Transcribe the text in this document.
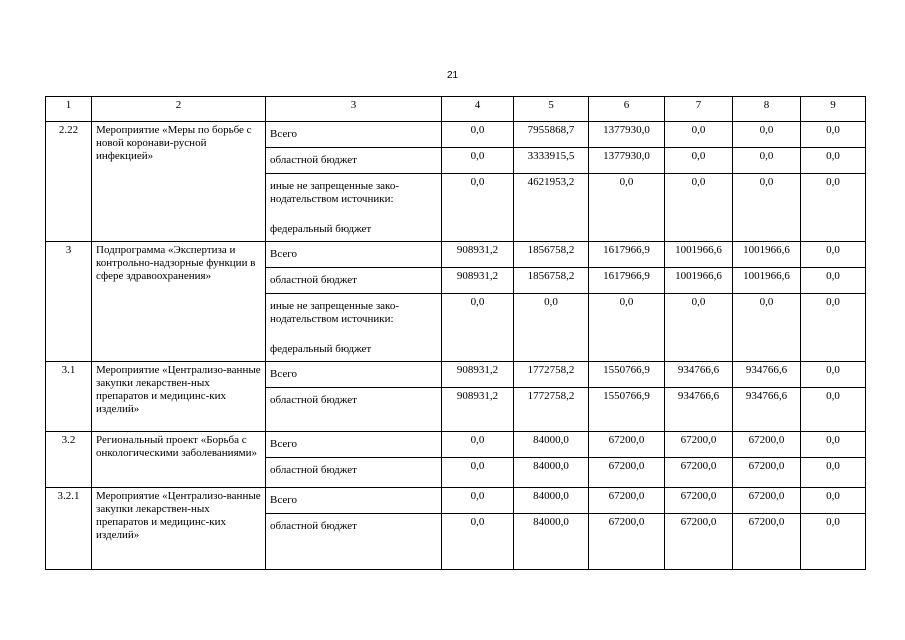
21
1	2	3	4	5	6	7	8	9
2.22	Мероприятие «Меры по борьбе с новой коронави-русной инфекцией»	Всего	0,0	7955868,7	1377930,0	0,0	0,0	0,0
		областной бюджет	0,0	3333915,5	1377930,0	0,0	0,0	0,0
		иные не запрещенные зако-нодательством источники:	0,0	4621953,2	0,0	0,0	0,0	0,0
		федеральный бюджет						
3	Подпрограмма «Экспертиза и контрольно-надзорные функции в сфере здравоохранения»	Всего	908931,2	1856758,2	1617966,9	1001966,6	1001966,6	0,0
		областной бюджет	908931,2	1856758,2	1617966,9	1001966,6	1001966,6	0,0
		иные не запрещенные зако-нодательством источники:	0,0	0,0	0,0	0,0	0,0	0,0
		федеральный бюджет						
3.1	Мероприятие «Централизо-ванные закупки лекарствен-ных препаратов и медицинс-ких изделий»	Всего	908931,2	1772758,2	1550766,9	934766,6	934766,6	0,0
		областной бюджет	908931,2	1772758,2	1550766,9	934766,6	934766,6	0,0
3.2	Региональный проект «Борьба с онкологическими заболеваниями»	Всего	0,0	84000,0	67200,0	67200,0	67200,0	0,0
		областной бюджет	0,0	84000,0	67200,0	67200,0	67200,0	0,0
3.2.1	Мероприятие «Централизо-ванные закупки лекарствен-ных препаратов и медицинс-ких изделий»	Всего	0,0	84000,0	67200,0	67200,0	67200,0	0,0
		областной бюджет	0,0	84000,0	67200,0	67200,0	67200,0	0,0
